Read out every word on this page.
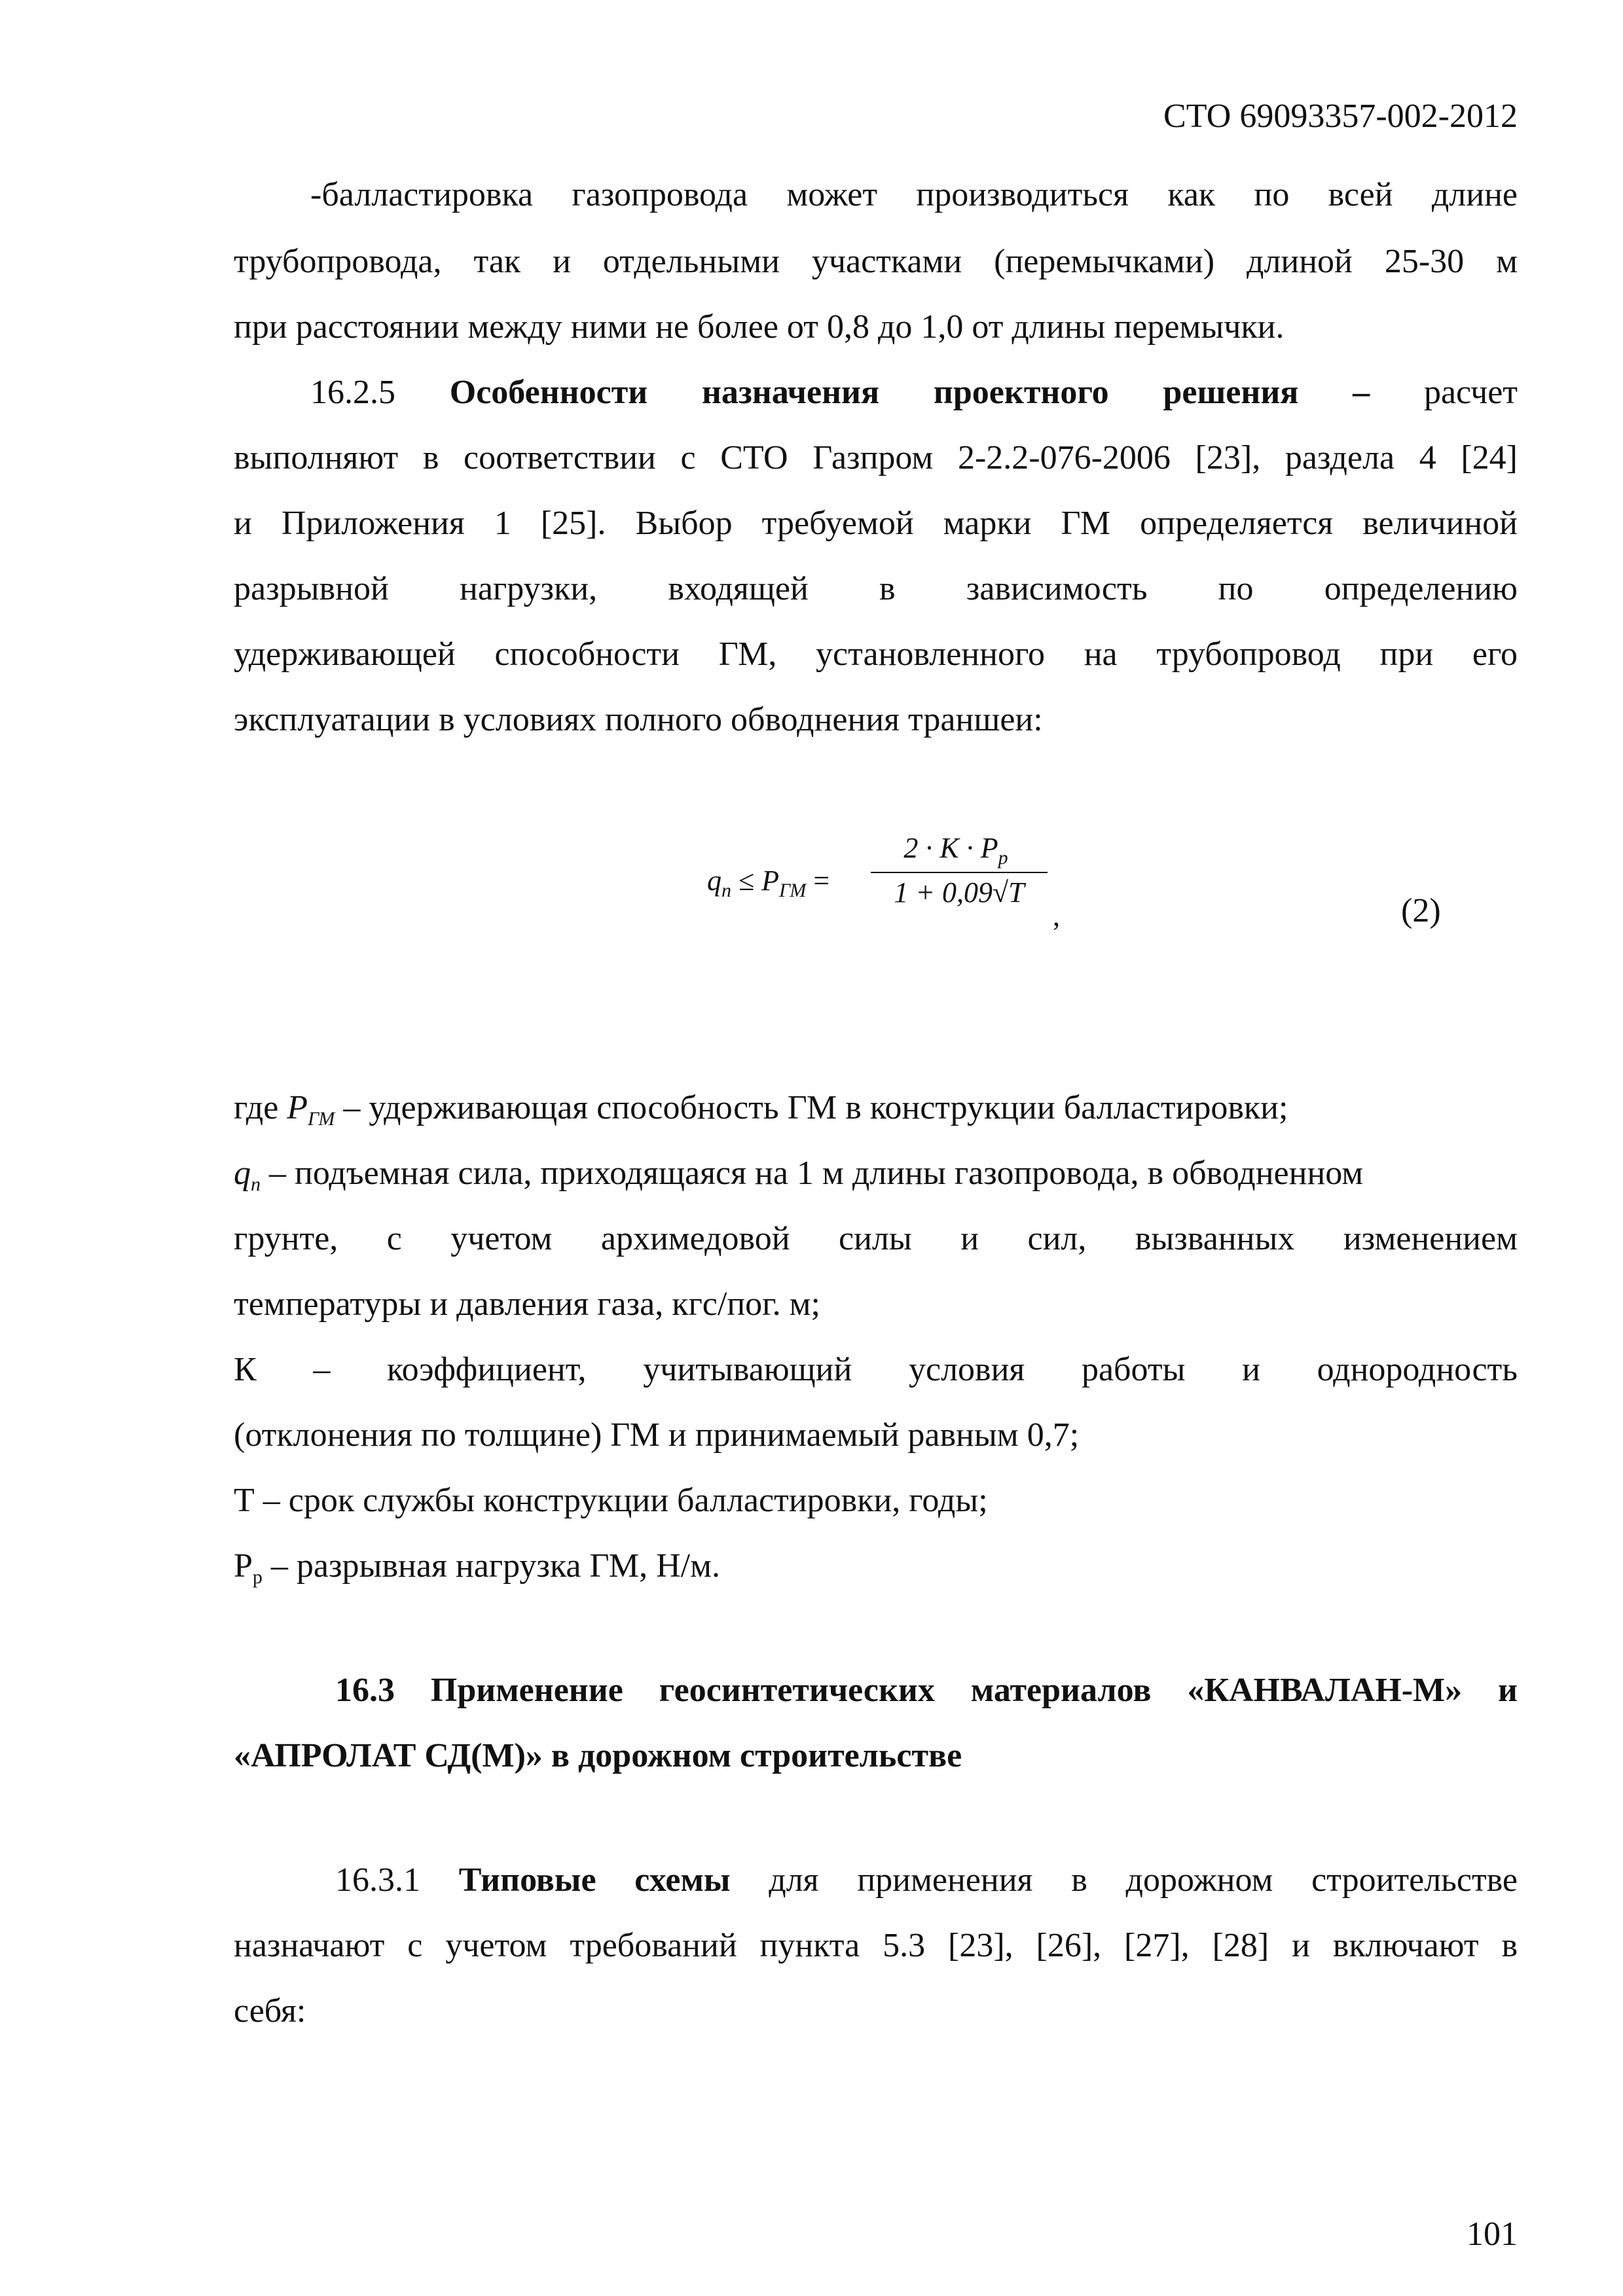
СТО 69093357-002-2012
-балластировка газопровода может производиться как по всей длине
трубопровода, так и отдельными участками (перемычками) длиной 25-30 м
при расстоянии между ними не более от 0,8 до 1,0 от длины перемычки.
16.2.5 Особенности назначения проектного решения – расчет
выполняют в соответствии с СТО Газпром 2-2.2-076-2006 [23], раздела 4 [24]
и Приложения 1 [25]. Выбор требуемой марки ГМ определяется величиной
разрывной нагрузки, входящей в зависимость по определению
удерживающей способности ГМ, установленного на трубопровод при его
эксплуатации в условиях полного обводнения траншеи:
$q_n \le P_{ГМ}$ =
$2 \cdot K \cdot P_p$
1 + 0,09√T
,	(2)
где $P_{ГМ}$ – удерживающая способность ГМ в конструкции балластировки;
$q_n$ – подъемная сила, приходящаяся на 1 м длины газопровода, в обводненном
грунте, с учетом архимедовой силы и сил, вызванных изменением
температуры и давления газа, кгс/пог. м;
К – коэффициент, учитывающий условия работы и однородность
(отклонения по толщине) ГМ и принимаемый равным 0,7;
Т – срок службы конструкции балластировки, годы;
$Р_р$ – разрывная нагрузка ГМ, Н/м.
16.3 Применение геосинтетических материалов «КАНВАЛАН-М» и
«АПРОЛАТ СД(М)» в дорожном строительстве
16.3.1 Типовые схемы для применения в дорожном строительстве
назначают с учетом требований пункта 5.3 [23], [26], [27], [28] и включают в
себя:
101
